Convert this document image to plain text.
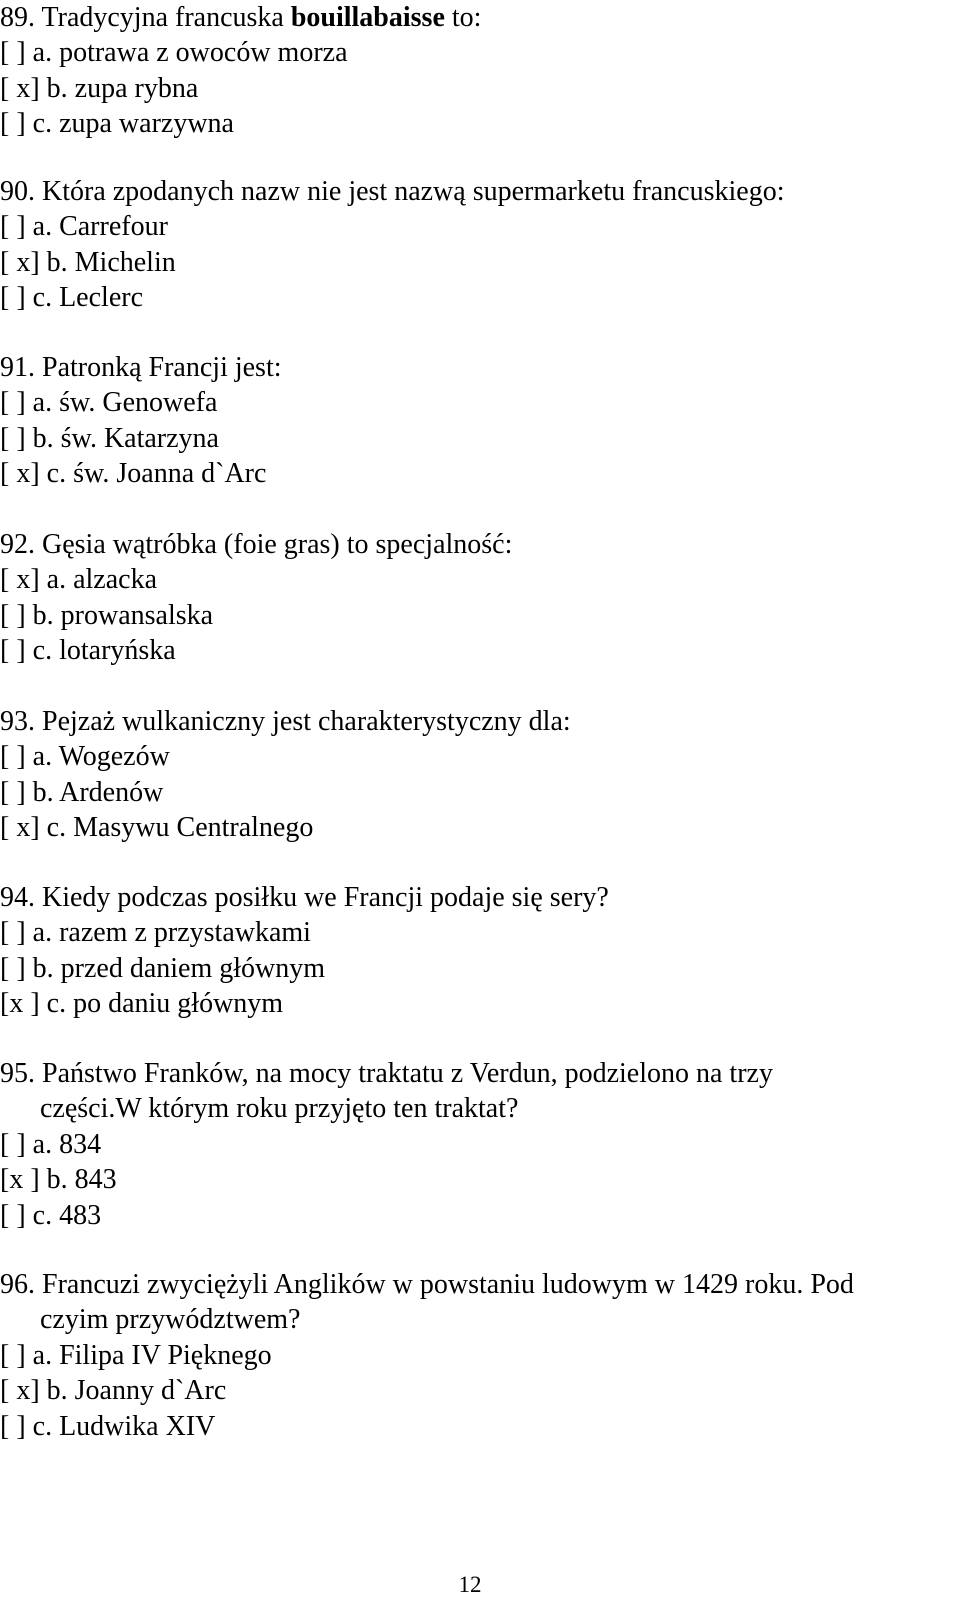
89. Tradycyjna francuska bouillabaisse to:
[ ] a. potrawa z owoców morza
[ x] b. zupa rybna
[ ] c. zupa warzywna
90. Która zpodanych nazw nie jest nazwą supermarketu francuskiego:
[ ] a. Carrefour
[ x] b. Michelin
[ ] c. Leclerc
91. Patronką Francji jest:
[ ] a. św. Genowefa
[ ] b. św. Katarzyna
[ x] c. św. Joanna d`Arc
92. Gęsia wątróbka (foie gras) to specjalność:
[ x] a. alzacka
[ ] b. prowansalska
[ ] c. lotaryńska
93. Pejzaż wulkaniczny jest charakterystyczny dla:
[ ] a. Wogezów
[ ] b. Ardenów
[ x] c. Masywu Centralnego
94. Kiedy podczas posiłku we Francji podaje się sery?
[ ] a. razem z przystawkami
[ ] b. przed daniem głównym
[x ] c. po daniu głównym
95. Państwo Franków, na mocy traktatu z Verdun, podzielono na trzy
części.W którym roku przyjęto ten traktat?
[ ] a. 834
[x ] b. 843
[ ] c. 483
96. Francuzi zwyciężyli Anglików w powstaniu ludowym w 1429 roku. Pod
czyim przywództwem?
[ ] a. Filipa IV Pięknego
[ x] b. Joanny d`Arc
[ ] c. Ludwika XIV
12
